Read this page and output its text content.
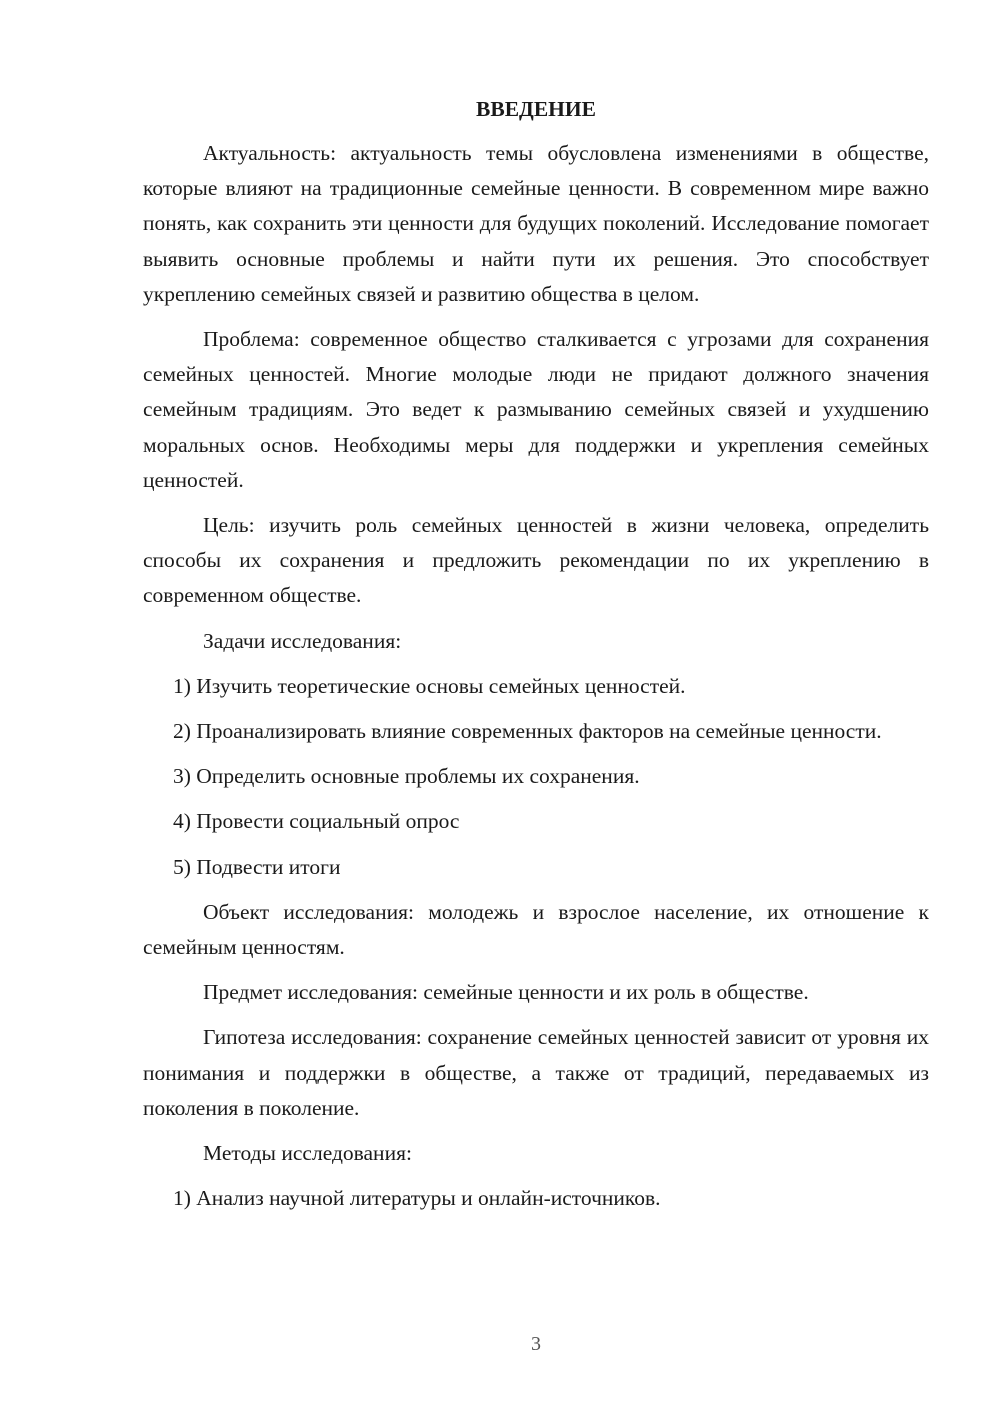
ВВЕДЕНИЕ

Актуальность: актуальность темы обусловлена изменениями в обществе, которые влияют на традиционные семейные ценности. В современном мире важно понять, как сохранить эти ценности для будущих поколений. Исследование помогает выявить основные проблемы и найти пути их решения. Это способствует укреплению семейных связей и развитию общества в целом.

Проблема: современное общество сталкивается с угрозами для сохранения семейных ценностей. Многие молодые люди не придают должного значения семейным традициям. Это ведет к размыванию семейных связей и ухудшению моральных основ. Необходимы меры для поддержки и укрепления семейных ценностей.

Цель: изучить роль семейных ценностей в жизни человека, определить способы их сохранения и предложить рекомендации по их укреплению в современном обществе.

Задачи исследования:

1) Изучить теоретические основы семейных ценностей.

2) Проанализировать влияние современных факторов на семейные ценности.

3) Определить основные проблемы их сохранения.

4) Провести социальный опрос

5) Подвести итоги

Объект исследования: молодежь и взрослое население, их отношение к семейным ценностям.

Предмет исследования: семейные ценности и их роль в обществе.

Гипотеза исследования: сохранение семейных ценностей зависит от уровня их понимания и поддержки в обществе, а также от традиций, передаваемых из поколения в поколение.

Методы исследования:

1) Анализ научной литературы и онлайн-источников.

3
